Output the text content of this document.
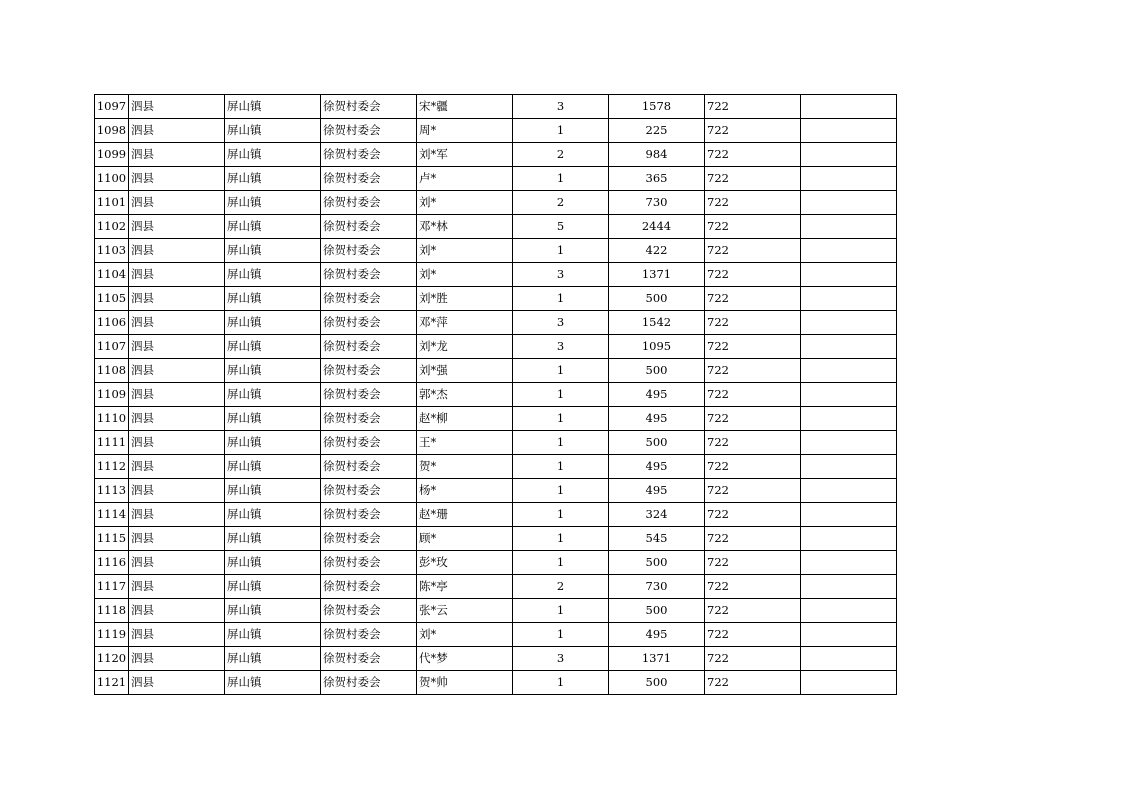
1097	泗县	屏山镇	徐贺村委会	宋*疆	3	1578	722	
1098	泗县	屏山镇	徐贺村委会	周*	1	225	722	
1099	泗县	屏山镇	徐贺村委会	刘*军	2	984	722	
1100	泗县	屏山镇	徐贺村委会	卢*	1	365	722	
1101	泗县	屏山镇	徐贺村委会	刘*	2	730	722	
1102	泗县	屏山镇	徐贺村委会	邓*林	5	2444	722	
1103	泗县	屏山镇	徐贺村委会	刘*	1	422	722	
1104	泗县	屏山镇	徐贺村委会	刘*	3	1371	722	
1105	泗县	屏山镇	徐贺村委会	刘*胜	1	500	722	
1106	泗县	屏山镇	徐贺村委会	邓*萍	3	1542	722	
1107	泗县	屏山镇	徐贺村委会	刘*龙	3	1095	722	
1108	泗县	屏山镇	徐贺村委会	刘*强	1	500	722	
1109	泗县	屏山镇	徐贺村委会	郭*杰	1	495	722	
1110	泗县	屏山镇	徐贺村委会	赵*柳	1	495	722	
1111	泗县	屏山镇	徐贺村委会	王*	1	500	722	
1112	泗县	屏山镇	徐贺村委会	贺*	1	495	722	
1113	泗县	屏山镇	徐贺村委会	杨*	1	495	722	
1114	泗县	屏山镇	徐贺村委会	赵*珊	1	324	722	
1115	泗县	屏山镇	徐贺村委会	顾*	1	545	722	
1116	泗县	屏山镇	徐贺村委会	彭*玫	1	500	722	
1117	泗县	屏山镇	徐贺村委会	陈*亭	2	730	722	
1118	泗县	屏山镇	徐贺村委会	张*云	1	500	722	
1119	泗县	屏山镇	徐贺村委会	刘*	1	495	722	
1120	泗县	屏山镇	徐贺村委会	代*梦	3	1371	722	
1121	泗县	屏山镇	徐贺村委会	贺*帅	1	500	722	
